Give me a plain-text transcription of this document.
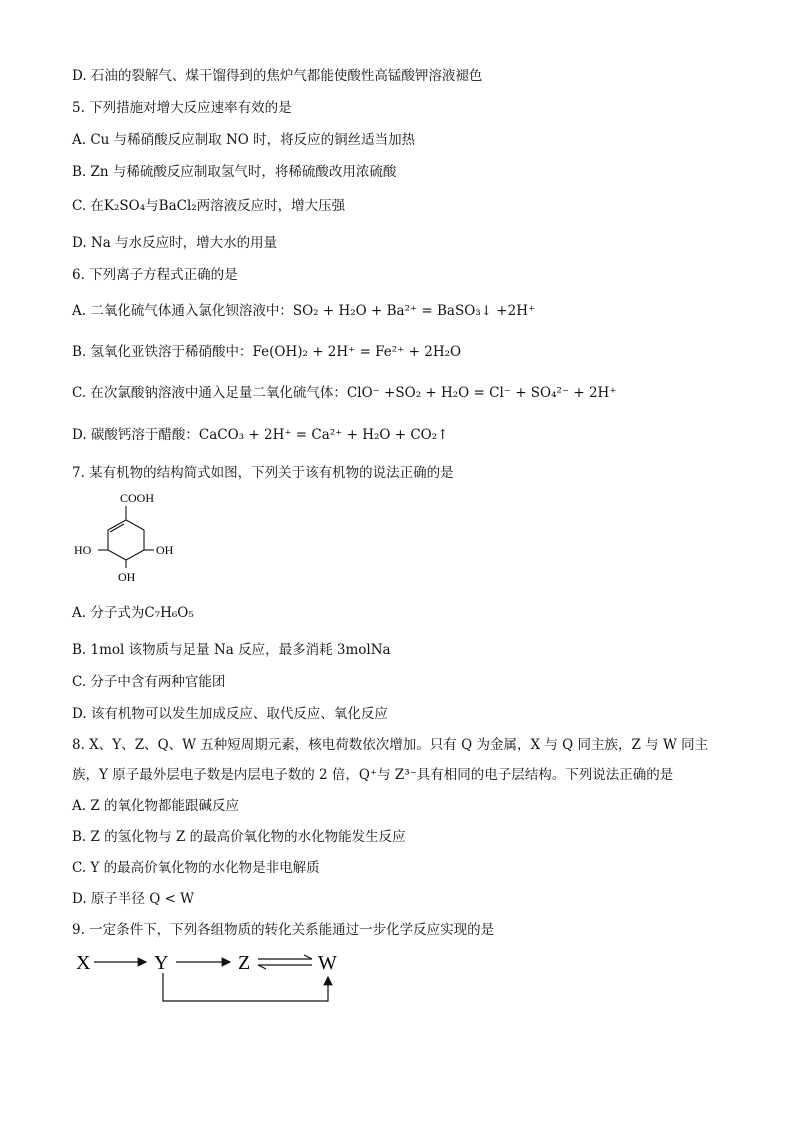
D. 石油的裂解气、煤干馏得到的焦炉气都能使酸性高锰酸钾溶液褪色
5. 下列措施对增大反应速率有效的是
A. Cu 与稀硝酸反应制取 NO 时，将反应的铜丝适当加热
B. Zn 与稀硫酸反应制取氢气时，将稀硫酸改用浓硫酸
C. 在K₂SO₄与BaCl₂两溶液反应时，增大压强
D. Na 与水反应时，增大水的用量
6. 下列离子方程式正确的是
A. 二氧化硫气体通入氯化钡溶液中：SO₂ + H₂O + Ba²⁺ = BaSO₃↓ +2H⁺
B. 氢氧化亚铁溶于稀硝酸中：Fe(OH)₂ + 2H⁺ = Fe²⁺ + 2H₂O
C. 在次氯酸钠溶液中通入足量二氧化硫气体：ClO⁻ +SO₂ + H₂O = Cl⁻ + SO₄²⁻ + 2H⁺
D. 碳酸钙溶于醋酸：CaCO₃ + 2H⁺ = Ca²⁺ + H₂O + CO₂↑
7. 某有机物的结构简式如图，下列关于该有机物的说法正确的是
COOH
HO	OH
OH
A. 分子式为C₇H₆O₅
B. 1mol 该物质与足量 Na 反应，最多消耗 3molNa
C. 分子中含有两种官能团
D. 该有机物可以发生加成反应、取代反应、氧化反应
8. X、Y、Z、Q、W 五种短周期元素，核电荷数依次增加。只有 Q 为金属，X 与 Q 同主族，Z 与 W 同主
族，Y 原子最外层电子数是内层电子数的 2 倍，Q⁺与 Z³⁻具有相同的电子层结构。下列说法正确的是
A. Z 的氧化物都能跟碱反应
B. Z 的氢化物与 Z 的最高价氧化物的水化物能发生反应
C. Y 的最高价氧化物的水化物是非电解质
D. 原子半径 Q < W
9. 一定条件下，下列各组物质的转化关系能通过一步化学反应实现的是
X	Y	Z	W
